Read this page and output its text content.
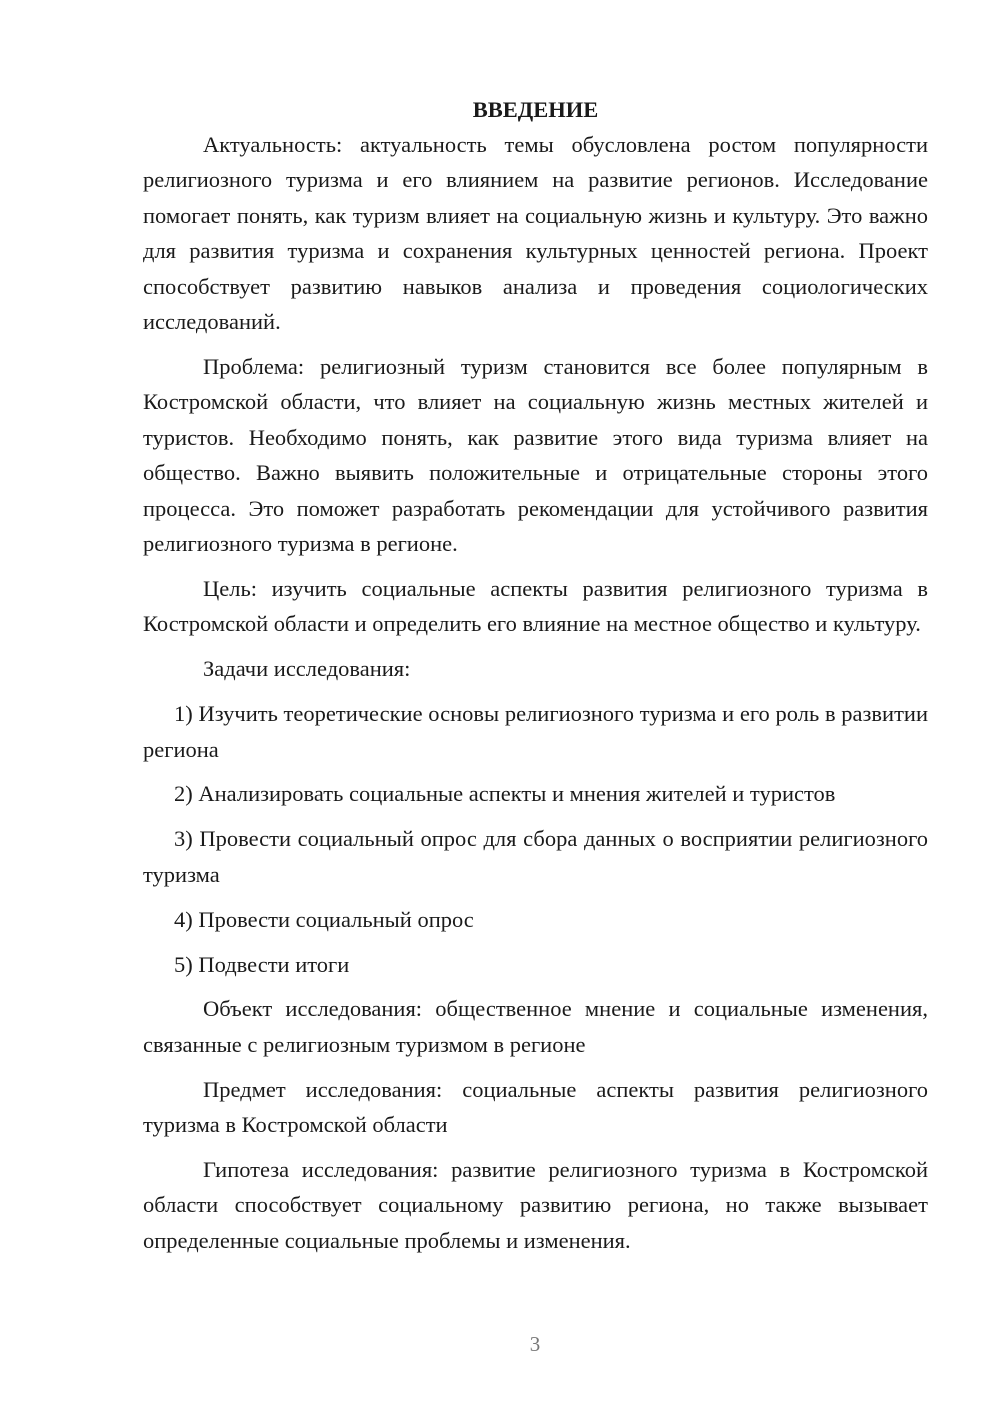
ВВЕДЕНИЕ

Актуальность: актуальность темы обусловлена ростом популярности религиозного туризма и его влиянием на развитие регионов. Исследование помогает понять, как туризм влияет на социальную жизнь и культуру. Это важно для развития туризма и сохранения культурных ценностей региона. Проект способствует развитию навыков анализа и проведения социологических исследований.

Проблема: религиозный туризм становится все более популярным в Костромской области, что влияет на социальную жизнь местных жителей и туристов. Необходимо понять, как развитие этого вида туризма влияет на общество. Важно выявить положительные и отрицательные стороны этого процесса. Это поможет разработать рекомендации для устойчивого развития религиозного туризма в регионе.

Цель: изучить социальные аспекты развития религиозного туризма в Костромской области и определить его влияние на местное общество и культуру.

Задачи исследования:

1) Изучить теоретические основы религиозного туризма и его роль в развитии региона

2) Анализировать социальные аспекты и мнения жителей и туристов

3) Провести социальный опрос для сбора данных о восприятии религиозного туризма

4) Провести социальный опрос

5) Подвести итоги

Объект исследования: общественное мнение и социальные изменения, связанные с религиозным туризмом в регионе

Предмет исследования: социальные аспекты развития религиозного туризма в Костромской области

Гипотеза исследования: развитие религиозного туризма в Костромской области способствует социальному развитию региона, но также вызывает определенные социальные проблемы и изменения.

3
